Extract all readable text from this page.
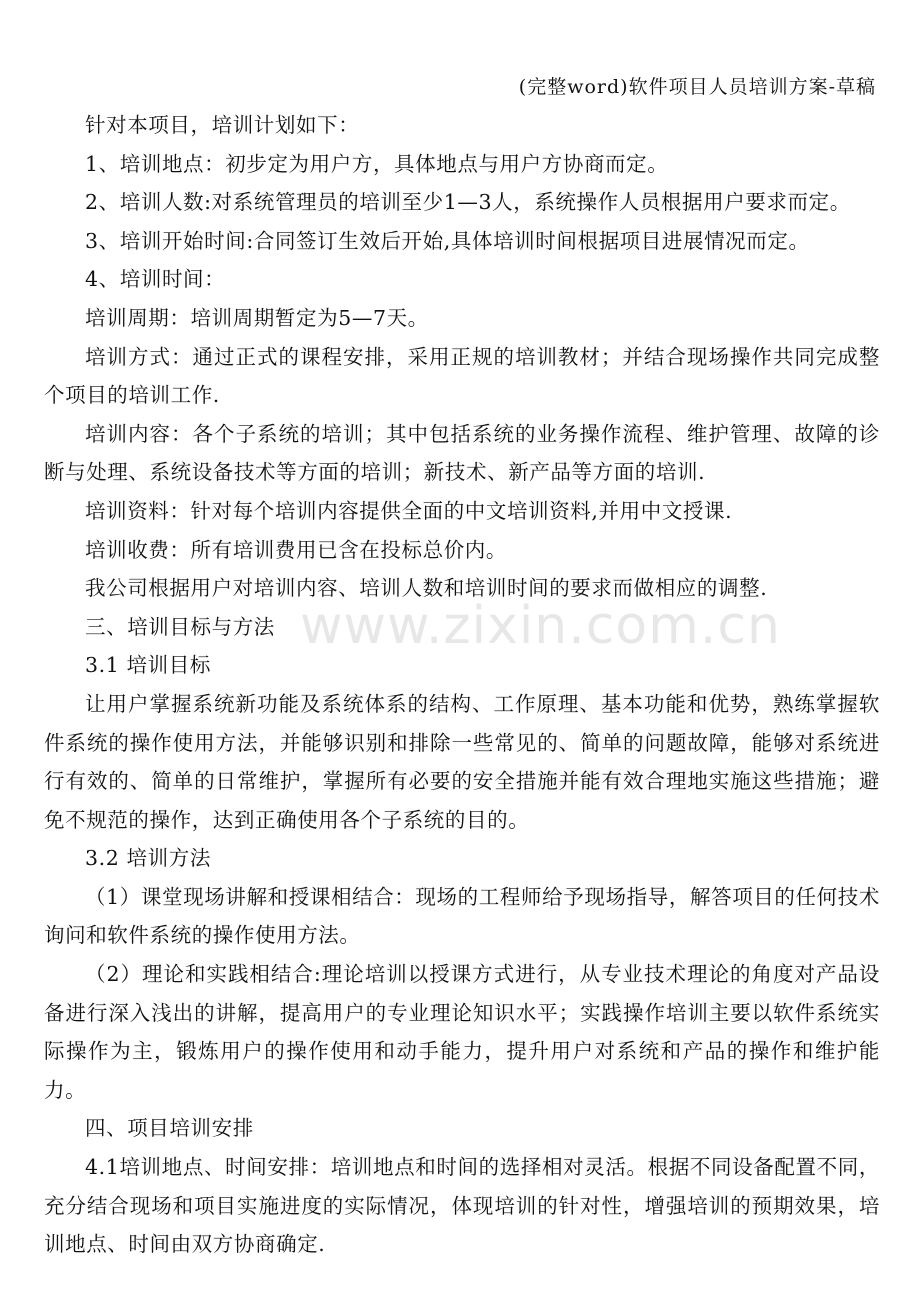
(完整word)软件项目人员培训方案-草稿

针对本项目，培训计划如下：

1、培训地点：初步定为用户方，具体地点与用户方协商而定。

2、培训人数:对系统管理员的培训至少1—3人，系统操作人员根据用户要求而定。

3、培训开始时间:合同签订生效后开始,具体培训时间根据项目进展情况而定。

4、培训时间：

培训周期：培训周期暂定为5—7天。

培训方式：通过正式的课程安排，采用正规的培训教材；并结合现场操作共同完成整个项目的培训工作.

培训内容：各个子系统的培训；其中包括系统的业务操作流程、维护管理、故障的诊断与处理、系统设备技术等方面的培训；新技术、新产品等方面的培训.

培训资料：针对每个培训内容提供全面的中文培训资料,并用中文授课.

培训收费：所有培训费用已含在投标总价内。

我公司根据用户对培训内容、培训人数和培训时间的要求而做相应的调整.

三、培训目标与方法

3.1 培训目标

让用户掌握系统新功能及系统体系的结构、工作原理、基本功能和优势，熟练掌握软件系统的操作使用方法，并能够识别和排除一些常见的、简单的问题故障，能够对系统进行有效的、简单的日常维护，掌握所有必要的安全措施并能有效合理地实施这些措施；避免不规范的操作，达到正确使用各个子系统的目的。

3.2 培训方法

（1）课堂现场讲解和授课相结合：现场的工程师给予现场指导，解答项目的任何技术询问和软件系统的操作使用方法。

（2）理论和实践相结合:理论培训以授课方式进行，从专业技术理论的角度对产品设备进行深入浅出的讲解，提高用户的专业理论知识水平；实践操作培训主要以软件系统实际操作为主，锻炼用户的操作使用和动手能力，提升用户对系统和产品的操作和维护能力。

四、项目培训安排

4.1培训地点、时间安排：培训地点和时间的选择相对灵活。根据不同设备配置不同，充分结合现场和项目实施进度的实际情况，体现培训的针对性，增强培训的预期效果，培训地点、时间由双方协商确定.

www.zixin.com.cn
